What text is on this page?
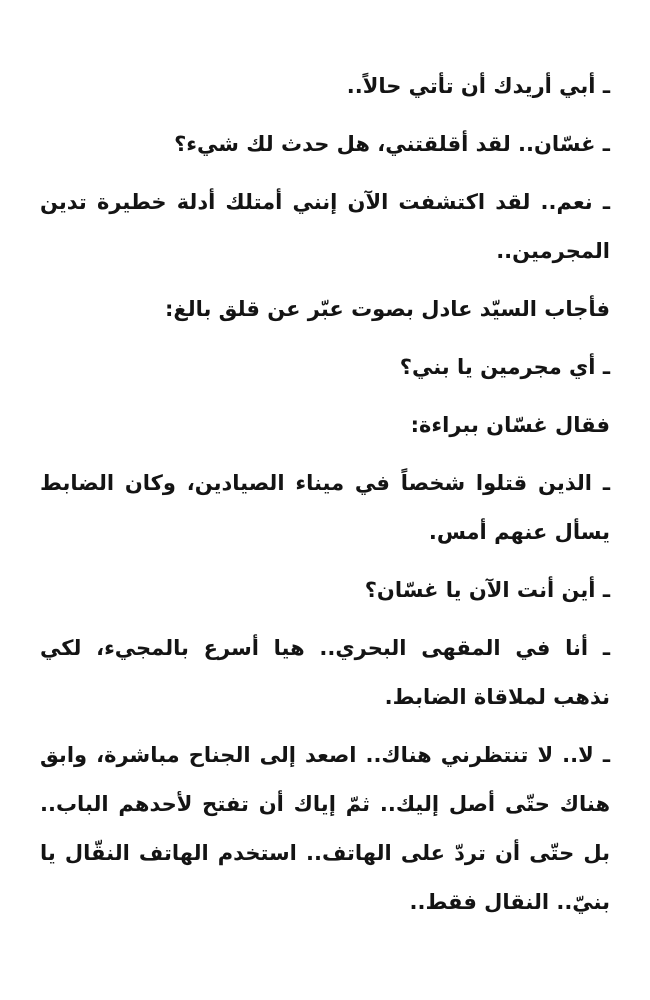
ـ أبي أريدك أن تأتي حالاً..

ـ غسّان.. لقد أقلقتني، هل حدث لك شيء؟

ـ نعم.. لقد اكتشفت الآن إنني أمتلك أدلة خطيرة تدين المجرمين..

فأجاب السيّد عادل بصوت عبّر عن قلق بالغ:

ـ أي مجرمين يا بني؟

فقال غسّان ببراءة:

ـ الذين قتلوا شخصاً في ميناء الصيادين، وكان الضابط يسأل عنهم أمس.

ـ أين أنت الآن يا غسّان؟

ـ أنا في المقهى البحري.. هيا أسرع بالمجيء، لكي نذهب لملاقاة الضابط.

ـ لا.. لا تنتظرني هناك.. اصعد إلى الجناح مباشرة، وابق هناك حتّى أصل إليك.. ثمّ إياك أن تفتح لأحدهم الباب.. بل حتّى أن تردّ على الهاتف.. استخدم الهاتف النقّال يا بنيّ.. النقال فقط..
